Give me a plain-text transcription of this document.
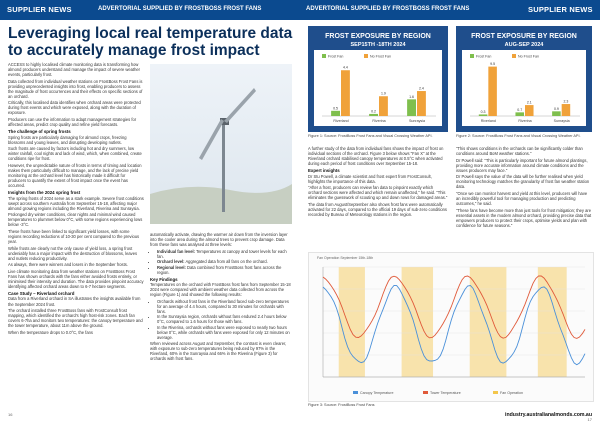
SUPPLIER NEWS	ADVERTORIAL SUPPLIED BY FROSTBOSS FROST FANS
Leveraging local real temperature data to accurately manage frost impact

ACCESS to highly localised climate monitoring data is transforming how almond producers understand and manage the impact of severe weather events, particularly frost.

Data collected from individual weather stations on FrostBoss Frost Fans is providing unprecedented insights into frost, enabling producers to assess the magnitude of frost occurrences and their effects on specific sections of an orchard.

Critically, this localised data identifies when orchard areas were protected during frost events and which were exposed, along with the duration of exposure.

Producers can use the information to adapt management strategies for affected areas, predict crop quality and refine yield forecasts.

The challenge of spring frosts

Spring frosts are particularly damaging for almond crops, freezing blossoms and young leaves, and disrupting developing nutlets.

Such frosts are caused by factors including hot and dry summers, low winter rainfall, cool nights and lack of wind, which, when combined, create conditions ripe for frost.

However, the unpredictable nature of frosts in terms of timing and location makes them particularly difficult to manage, and the lack of precise yield monitoring at the orchard level has historically made it difficult for producers to quantify the extent of frost impact once the event has occurred.

Insights from the 2024 spring frost

The spring frosts of 2024 serve as a stark example. Severe frost conditions swept across southern Australia from September 15-18, affecting major almond growing regions including the Riverland, Riverina and Sunraysia.

Prolonged dry winter conditions, clear nights and minimal wind caused temperatures to plummet below 0°C, with some regions experiencing lows below -3°C.

These frosts have been linked to significant yield losses, with some regions recording reductions of 10-30 per cent compared to the previous year.

While frosts are clearly not the only cause of yield loss, a spring frost undeniably has a major impact with the destruction of blossoms, leaves and nutlets reducing productivity.

As always, there were winners and losers in the September frosts.

Live climate monitoring data from weather stations on FrostBoss Frost Fans has shown orchards with the fans either avoided frosts entirely, or minimised their intensity and duration. The data provides pinpoint accuracy identifying affected orchard areas down to 6-7 hectare segments.

Case Study – Riverland orchard

Data from a Riverland orchard in SA illustrates the insights available from the September 2024 frost.

The orchard installed three FrostBoss fans with FrostConsult frost mapping, which identified the orchard's high frost-risk zones. Each fan covers 6-7ha and monitors two temperatures: the canopy temperature and the tower temperature, about 11m above the ground.

When the temperature drops to 0.0°C, the fans

automatically activate, drawing the warmer air down from the inversion layer into the cooler area during the almond trees to prevent crop damage. Data from these fans was analysed at three levels:

• Individual fan level: Temperatures at canopy and tower levels for each fan.
• Orchard level: Aggregated data from all fans on the orchard.
• Regional level: Data combined from FrostBoss frost fans across the region.
Key Findings

Temperatures on the orchard with FrostBoss frost fans from September 15-18 2024 were compared with ambient weather data collected from across the region (Figure 1) and showed the following results:

• Orchards without frost fans in the Riverland faced sub-zero temperatures for an average of 4.4 hours, compared to 30 minutes for orchards with fans.
• In the Sunraysia region, orchards without fans endured 2.4 hours below 0°C, compared to 1.6 hours for those with fans.
• In the Riverina, orchards without fans were exposed to nearly two hours below 0°C, while orchards with fans were exposed for only 12 minutes on average.

When reviewed across August and September, the contrast is even clearer, with exposure to sub-zero temperatures being reduced by 97% in the Riverland, 60% in the Sunraysia and 66% in the Riverina (Figure 3) for orchards with frost fans.

16
ADVERTORIAL SUPPLIED BY FROSTBOSS FROST FANS	SUPPLIER NEWS
FROST EXPOSURE BY REGION
SEP15TH -18TH 2024
Frost Fan	No Frost Fan
0.5
4.4
Riverland
0.2
1.9
Riverina
1.6
2.4
Sunraysia
Figure 1: Source: FrostBoss Frost Fans and Visual Crossing Weather API.
FROST EXPOSURE BY REGION
AUG-SEP 2024
Frost Fan	No Frost Fan
0.3
9.5
Riverland
0.7
2.1
Riverina
0.9
2.3
Sunraysia
Figure 2: Source: FrostBoss Frost Fans and Visual Crossing Weather API.

A further study of the data from individual fans shows the impact of frost on individual sections of the orchard. Figure 3 below shows "Fan X" at the Riverland orchard stabilised canopy temperatures at 0.5°C when activated during each period of frost conditions over September 15-18.

Expert insights

Dr Stu Powell, a climate scientist and frost expert from FrostConsult, highlights the importance of this data.

"After a frost, producers can review fan data to pinpoint exactly which orchard sections were affected and which remain unaffected," he said. "This eliminates the guesswork of scouting up and down rows for damaged areas."

The data from August/September also shows frost fans were automatically activated for 22 days, compared to the official 19 days of sub-zero conditions recorded by Bureau of Meteorology stations in the region.

"This shows conditions in the orchards can be significantly colder than conditions around BoM weather stations."

Dr Powell said: "This is particularly important for future almond plantings, providing more accurate information around climate conditions and the issues producers may face."

Dr Powell says the value of the data will be further realised when yield monitoring technology matches the granularity of frost fan weather station data.

"Once we can monitor harvest and yield at this level, producers will have an incredibly powerful tool for managing production and predicting outcomes," he said.

"These fans have become more than just tools for frost mitigation; they are essential assets in the modern almond orchard, providing precise data that empowers producers to protect their crops, optimise yields and plan with confidence for future seasons."

Fan Operation September 15th-18th
Canopy Temperature	Tower Temperature	Fan Operation
Figure 3: Source: FrostBoss Frost Fans
industry.australianalmonds.com.au
17
